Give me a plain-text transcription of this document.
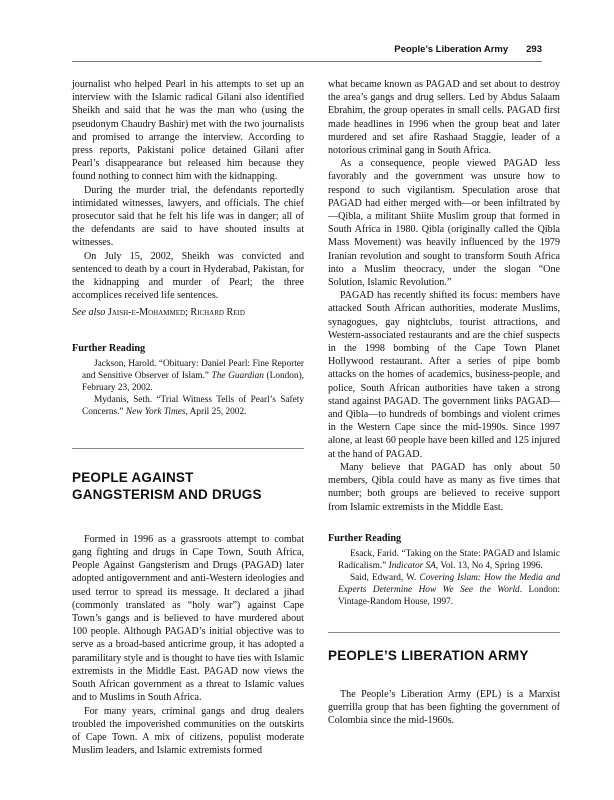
People’s Liberation Army 293

journalist who helped Pearl in his attempts to set up an interview with the Islamic radical Gilani also identified Sheikh and said that he was the man who (using the pseudonym Chaudry Bashir) met with the two journalists and promised to arrange the interview. According to press reports, Pakistani police detained Gilani after Pearl’s disappearance but released him because they found nothing to connect him with the kidnapping.

During the murder trial, the defendants reportedly intimidated witnesses, lawyers, and officials. The chief prosecutor said that he felt his life was in danger; all of the defendants are said to have shouted insults at witnesses.

On July 15, 2002, Sheikh was convicted and sentenced to death by a court in Hyderabad, Pakistan, for the kidnapping and murder of Pearl; the three accomplices received life sentences.

See also Jaish-e-Mohammed; Richard Reid
Further Reading

Jackson, Harold. “Obituary: Daniel Pearl: Fine Reporter and Sensitive Observer of Islam.” The Guardian (London), February 23, 2002.

Mydanis, Seth. “Trial Witness Tells of Pearl’s Safety Concerns.” New York Times, April 25, 2002.

PEOPLE AGAINST
GANGSTERISM AND DRUGS

Formed in 1996 as a grassroots attempt to combat gang fighting and drugs in Cape Town, South Africa, People Against Gangsterism and Drugs (PAGAD) later adopted antigovernment and anti-Western ideologies and used terror to spread its message. It declared a jihad (commonly translated as “holy war”) against Cape Town’s gangs and is believed to have murdered about 100 people. Although PAGAD’s initial objective was to serve as a broad-based anticrime group, it has adopted a paramilitary style and is thought to have ties with Islamic extremists in the Middle East. PAGAD now views the South African government as a threat to Islamic values and to Muslims in South Africa.

For many years, criminal gangs and drug dealers troubled the impoverished communities on the outskirts of Cape Town. A mix of citizens, populist moderate Muslim leaders, and Islamic extremists formed

what became known as PAGAD and set about to destroy the area’s gangs and drug sellers. Led by Abdus Salaam Ebrahim, the group operates in small cells. PAGAD first made headlines in 1996 when the group beat and later murdered and set afire Rashaad Staggie, leader of a notorious criminal gang in South Africa.

As a consequence, people viewed PAGAD less favorably and the government was unsure how to respond to such vigilantism. Speculation arose that PAGAD had either merged with—or been infiltrated by—Qibla, a militant Shiite Muslim group that formed in South Africa in 1980. Qibla (originally called the Qibla Mass Movement) was heavily influenced by the 1979 Iranian revolution and sought to transform South Africa into a Muslim theocracy, under the slogan “One Solution, Islamic Revolution.”

PAGAD has recently shifted its focus: members have attacked South African authorities, moderate Muslims, synagogues, gay nightclubs, tourist attractions, and Western-associated restaurants and are the chief suspects in the 1998 bombing of the Cape Town Planet Hollywood restaurant. After a series of pipe bomb attacks on the homes of academics, business-people, and police, South African authorities have taken a strong stand against PAGAD. The government links PAGAD—and Qibla—to hundreds of bombings and violent crimes in the Western Cape since the mid-1990s. Since 1997 alone, at least 60 people have been killed and 125 injured at the hand of PAGAD.

Many believe that PAGAD has only about 50 members, Qibla could have as many as five times that number; both groups are believed to receive support from Islamic extremists in the Middle East.

Further Reading

Esack, Farid. “Taking on the State: PAGAD and Islamic Radicalism.” Indicator SA, Vol. 13, No 4, Spring 1996.

Said, Edward, W. Covering Islam: How the Media and Experts Determine How We See the World. London: Vintage-Random House, 1997.

PEOPLE’S LIBERATION ARMY

The People’s Liberation Army (EPL) is a Marxist guerrilla group that has been fighting the government of Colombia since the mid-1960s.
